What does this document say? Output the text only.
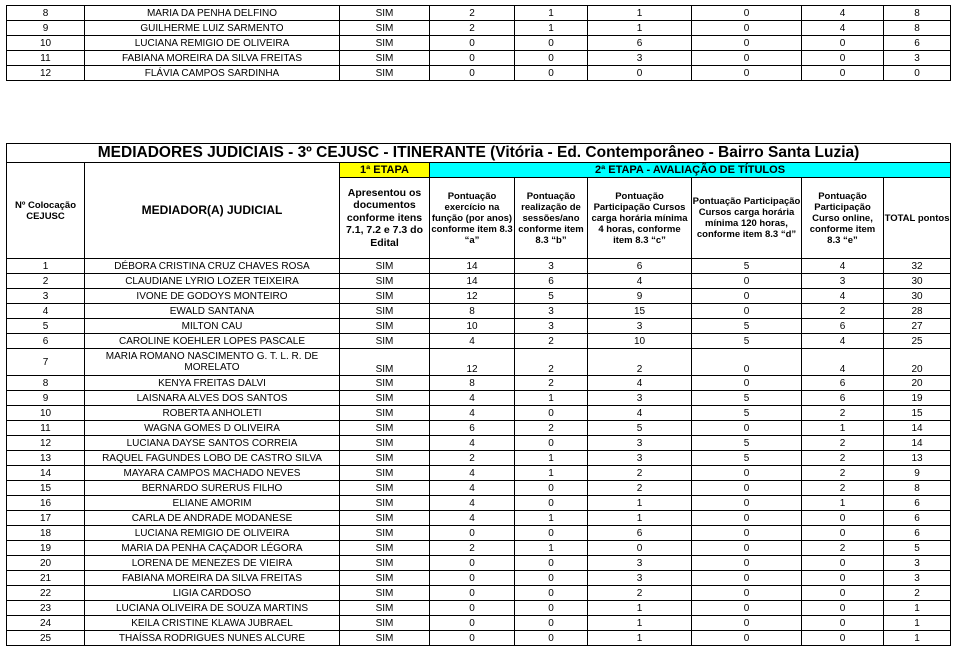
8	MARIA DA PENHA DELFINO	SIM	2	1	1	0	4	8
9	GUILHERME LUIZ SARMENTO	SIM	2	1	1	0	4	8
10	LUCIANA REMIGIO DE OLIVEIRA	SIM	0	0	6	0	0	6
11	FABIANA MOREIRA DA SILVA FREITAS	SIM	0	0	3	0	0	3
12	FLÁVIA CAMPOS SARDINHA	SIM	0	0	0	0	0	0
MEDIADORES JUDICIAIS - 3º CEJUSC - ITINERANTE (Vitória - Ed. Contemporâneo - Bairro Santa Luzia)								
Nº Colocação CEJUSC	MEDIADOR(A) JUDICIAL	1ª ETAPA	2ª ETAPA - AVALIAÇÃO DE TÍTULOS					
		Apresentou os documentos conforme itens 7.1, 7.2 e 7.3 do Edital	Pontuação exercício na função (por anos) conforme item 8.3 “a”	Pontuação realização de sessões/ano conforme item 8.3 “b”	Pontuação Participação Cursos carga horária mínima 4 horas, conforme item 8.3 “c”	Pontuação Participação Cursos carga horária mínima 120 horas, conforme item 8.3 “d”	Pontuação Participação Curso online, conforme item 8.3 “e”	TOTAL pontos
1	DÉBORA CRISTINA CRUZ CHAVES ROSA	SIM	14	3	6	5	4	32
2	CLAUDIANE LYRIO LOZER TEIXEIRA	SIM	14	6	4	0	3	30
3	IVONE DE GODOYS MONTEIRO	SIM	12	5	9	0	4	30
4	EWALD SANTANA	SIM	8	3	15	0	2	28
5	MILTON CAU	SIM	10	3	3	5	6	27
6	CAROLINE KOEHLER LOPES PASCALE	SIM	4	2	10	5	4	25
7	MARIA ROMANO NASCIMENTO G. T. L. R. DE MORELATO	SIM	12	2	2	0	4	20
8	KENYA FREITAS DALVI	SIM	8	2	4	0	6	20
9	LAISNARA ALVES DOS SANTOS	SIM	4	1	3	5	6	19
10	ROBERTA ANHOLETI	SIM	4	0	4	5	2	15
11	WAGNA GOMES D OLIVEIRA	SIM	6	2	5	0	1	14
12	LUCIANA DAYSE SANTOS CORREIA	SIM	4	0	3	5	2	14
13	RAQUEL FAGUNDES LOBO DE CASTRO SILVA	SIM	2	1	3	5	2	13
14	MAYARA CAMPOS MACHADO NEVES	SIM	4	1	2	0	2	9
15	BERNARDO SURERUS FILHO	SIM	4	0	2	0	2	8
16	ELIANE AMORIM	SIM	4	0	1	0	1	6
17	CARLA DE ANDRADE MODANESE	SIM	4	1	1	0	0	6
18	LUCIANA REMIGIO DE OLIVEIRA	SIM	0	0	6	0	0	6
19	MARIA DA PENHA CAÇADOR LÉGORA	SIM	2	1	0	0	2	5
20	LORENA DE MENEZES DE VIEIRA	SIM	0	0	3	0	0	3
21	FABIANA MOREIRA DA SILVA FREITAS	SIM	0	0	3	0	0	3
22	LIGIA CARDOSO	SIM	0	0	2	0	0	2
23	LUCIANA OLIVEIRA DE SOUZA MARTINS	SIM	0	0	1	0	0	1
24	KEILA CRISTINE KLAWA JUBRAEL	SIM	0	0	1	0	0	1
25	THAÍSSA RODRIGUES NUNES ALCURE	SIM	0	0	1	0	0	1
